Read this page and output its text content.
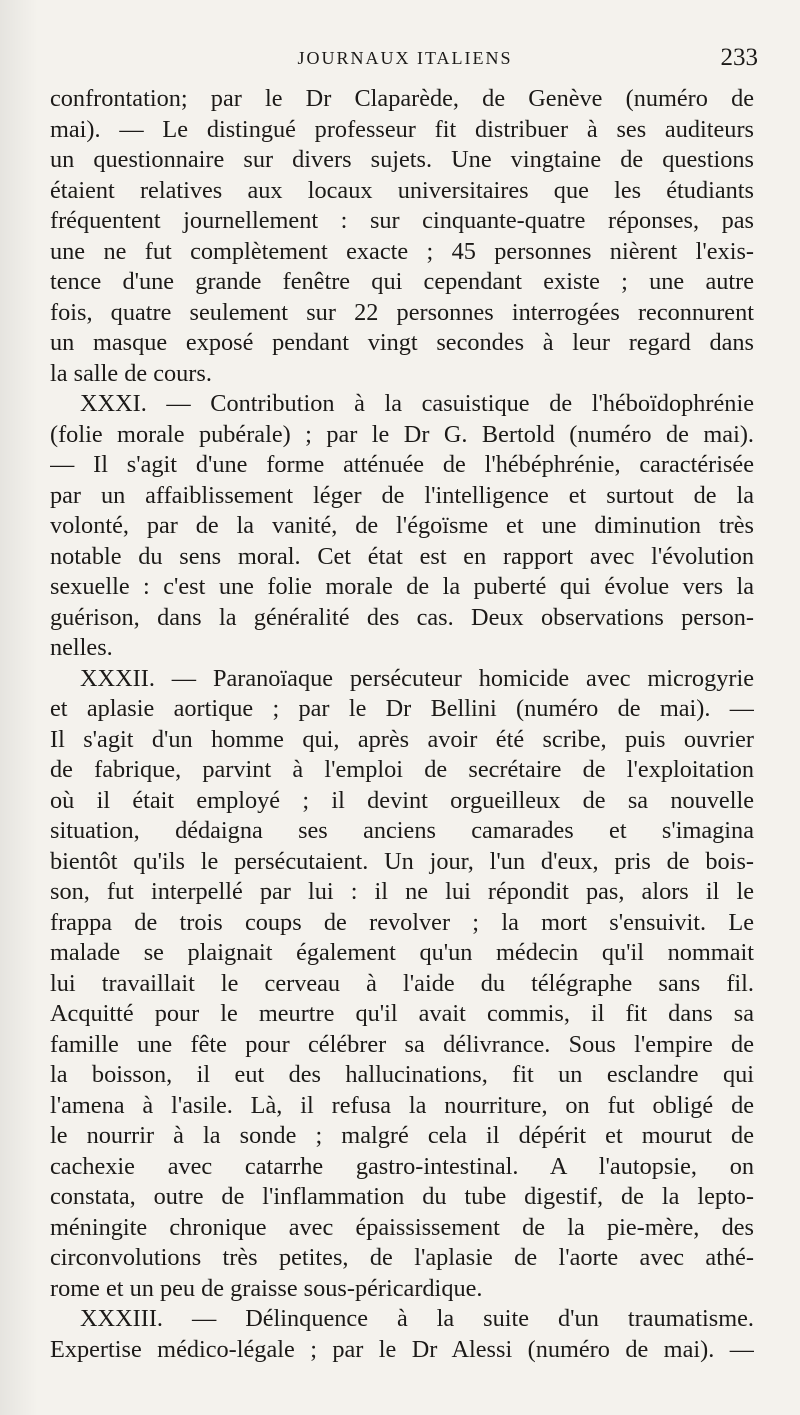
JOURNAUX ITALIENS	233
confrontation; par le Dr Claparède, de Genève (numéro de
mai). — Le distingué professeur fit distribuer à ses auditeurs
un questionnaire sur divers sujets. Une vingtaine de questions
étaient relatives aux locaux universitaires que les étudiants
fréquentent journellement : sur cinquante-quatre réponses, pas
une ne fut complètement exacte ; 45 personnes nièrent l'exis-
tence d'une grande fenêtre qui cependant existe ; une autre
fois, quatre seulement sur 22 personnes interrogées reconnurent
un masque exposé pendant vingt secondes à leur regard dans
la salle de cours.
XXXI. — Contribution à la casuistique de l'héboïdophrénie
(folie morale pubérale) ; par le Dr G. Bertold (numéro de mai).
— Il s'agit d'une forme atténuée de l'hébéphrénie, caractérisée
par un affaiblissement léger de l'intelligence et surtout de la
volonté, par de la vanité, de l'égoïsme et une diminution très
notable du sens moral. Cet état est en rapport avec l'évolution
sexuelle : c'est une folie morale de la puberté qui évolue vers la
guérison, dans la généralité des cas. Deux observations person-
nelles.
XXXII. — Paranoïaque persécuteur homicide avec microgyrie
et aplasie aortique ; par le Dr Bellini (numéro de mai). —
Il s'agit d'un homme qui, après avoir été scribe, puis ouvrier
de fabrique, parvint à l'emploi de secrétaire de l'exploitation
où il était employé ; il devint orgueilleux de sa nouvelle
situation, dédaigna ses anciens camarades et s'imagina
bientôt qu'ils le persécutaient. Un jour, l'un d'eux, pris de bois-
son, fut interpellé par lui : il ne lui répondit pas, alors il le
frappa de trois coups de revolver ; la mort s'ensuivit. Le
malade se plaignait également qu'un médecin qu'il nommait
lui travaillait le cerveau à l'aide du télégraphe sans fil.
Acquitté pour le meurtre qu'il avait commis, il fit dans sa
famille une fête pour célébrer sa délivrance. Sous l'empire de
la boisson, il eut des hallucinations, fit un esclandre qui
l'amena à l'asile. Là, il refusa la nourriture, on fut obligé de
le nourrir à la sonde ; malgré cela il dépérit et mourut de
cachexie avec catarrhe gastro-intestinal. A l'autopsie, on
constata, outre de l'inflammation du tube digestif, de la lepto-
méningite chronique avec épaississement de la pie-mère, des
circonvolutions très petites, de l'aplasie de l'aorte avec athé-
rome et un peu de graisse sous-péricardique.
XXXIII. — Délinquence à la suite d'un traumatisme.
Expertise médico-légale ; par le Dr Alessi (numéro de mai). —
